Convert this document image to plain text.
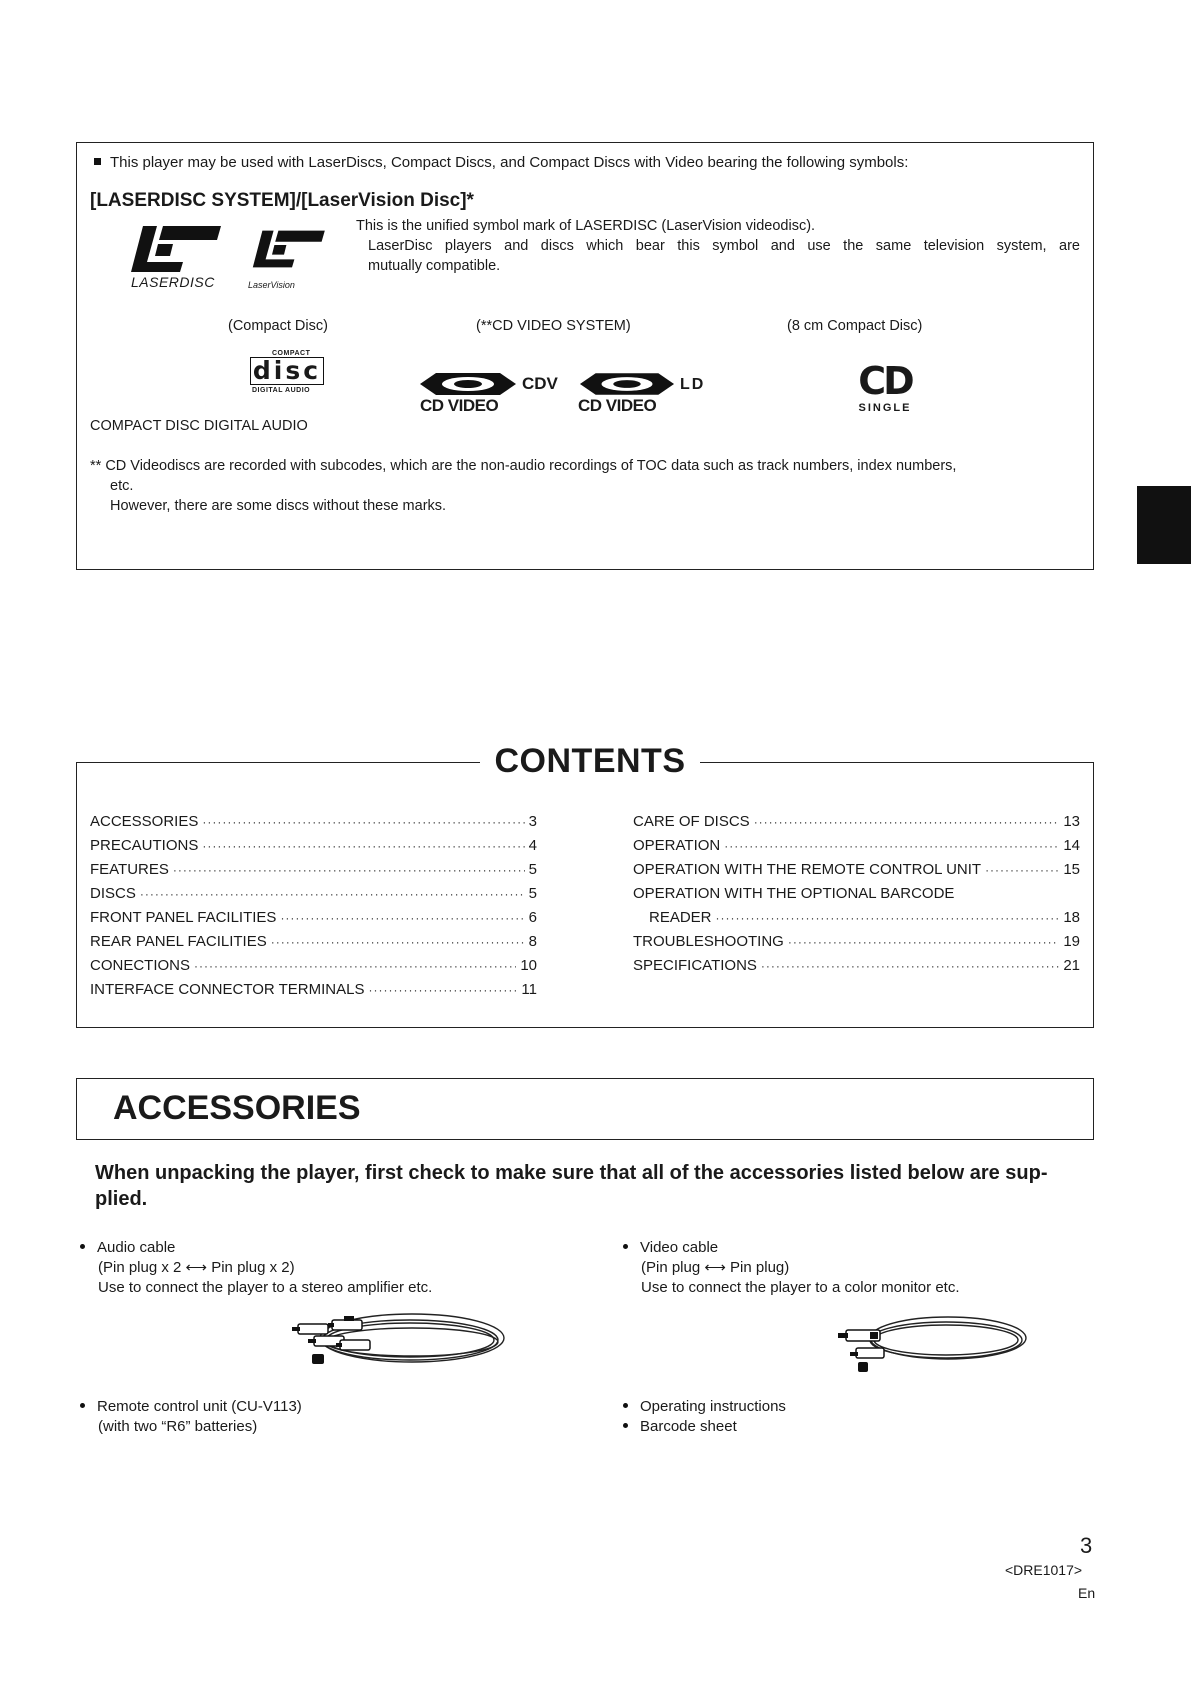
This player may be used with LaserDiscs, Compact Discs, and Compact Discs with Video bearing the following symbols:
[LASERDISC SYSTEM]/[LaserVision Disc]*
This is the unified symbol mark of LASERDISC (LaserVision videodisc).
LaserDisc players and discs which bear this symbol and use the same television system, are
mutually compatible.
LASERDISC	LaserVision
(Compact Disc)	(**CD VIDEO SYSTEM)	(8 cm Compact Disc)
COMPACT
disc
DIGITAL AUDIO	CDV
CD VIDEO
LD
CD VIDEO
CD
SINGLE
COMPACT DISC DIGITAL AUDIO
** CD Videodiscs are recorded with subcodes, which are the non-audio recordings of TOC data such as track numbers, index numbers,
etc.
However, there are some discs without these marks.
CONTENTS
ACCESSORIES ·····	3
PRECAUTIONS ·····	4
FEATURES ·····	5
DISCS ·····	5
FRONT PANEL FACILITIES ·····	6
REAR PANEL FACILITIES ·····	8
CONECTIONS ·····	10
INTERFACE CONNECTOR TERMINALS ·····	11
CARE OF DISCS ·····	13
OPERATION ·····	14
OPERATION WITH THE REMOTE CONTROL UNIT ·····	15
OPERATION WITH THE OPTIONAL BARCODE
READER ·····	18
TROUBLESHOOTING ·····	19
SPECIFICATIONS ·····	21
ACCESSORIES
When unpacking the player, first check to make sure that all of the accessories listed below are sup-
plied.
Audio cable
(Pin plug x 2 ⟷ Pin plug x 2)
Use to connect the player to a stereo amplifier etc.
Video cable
(Pin plug ⟷ Pin plug)
Use to connect the player to a color monitor etc.
Remote control unit (CU-V113)
(with two “R6” batteries)
Operating instructions
Barcode sheet
3
<DRE1017>
En
